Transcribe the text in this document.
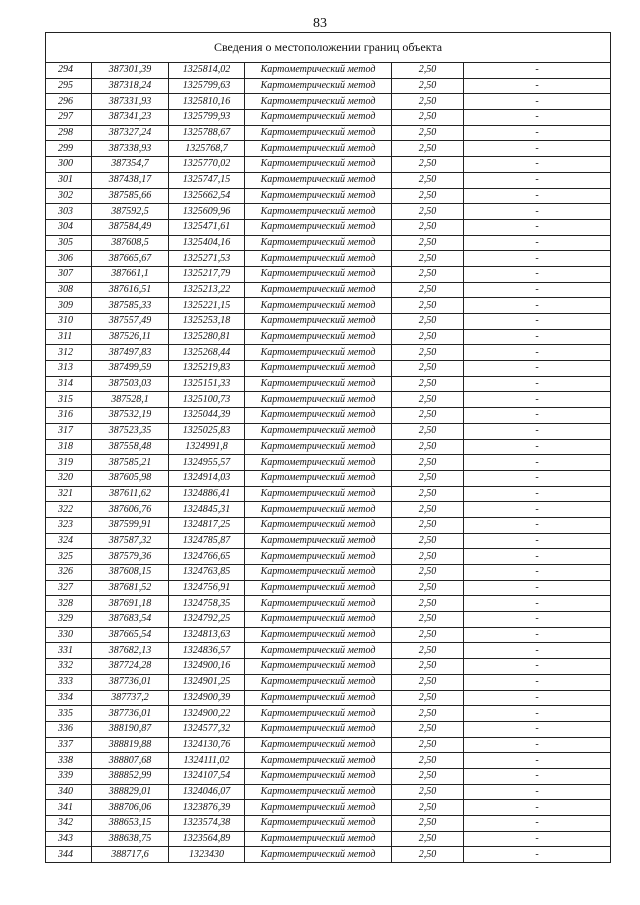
83
Сведения о местоположении границ объекта					
294	387301,39	1325814,02	Картометрический метод	2,50	-
295	387318,24	1325799,63	Картометрический метод	2,50	-
296	387331,93	1325810,16	Картометрический метод	2,50	-
297	387341,23	1325799,93	Картометрический метод	2,50	-
298	387327,24	1325788,67	Картометрический метод	2,50	-
299	387338,93	1325768,7	Картометрический метод	2,50	-
300	387354,7	1325770,02	Картометрический метод	2,50	-
301	387438,17	1325747,15	Картометрический метод	2,50	-
302	387585,66	1325662,54	Картометрический метод	2,50	-
303	387592,5	1325609,96	Картометрический метод	2,50	-
304	387584,49	1325471,61	Картометрический метод	2,50	-
305	387608,5	1325404,16	Картометрический метод	2,50	-
306	387665,67	1325271,53	Картометрический метод	2,50	-
307	387661,1	1325217,79	Картометрический метод	2,50	-
308	387616,51	1325213,22	Картометрический метод	2,50	-
309	387585,33	1325221,15	Картометрический метод	2,50	-
310	387557,49	1325253,18	Картометрический метод	2,50	-
311	387526,11	1325280,81	Картометрический метод	2,50	-
312	387497,83	1325268,44	Картометрический метод	2,50	-
313	387499,59	1325219,83	Картометрический метод	2,50	-
314	387503,03	1325151,33	Картометрический метод	2,50	-
315	387528,1	1325100,73	Картометрический метод	2,50	-
316	387532,19	1325044,39	Картометрический метод	2,50	-
317	387523,35	1325025,83	Картометрический метод	2,50	-
318	387558,48	1324991,8	Картометрический метод	2,50	-
319	387585,21	1324955,57	Картометрический метод	2,50	-
320	387605,98	1324914,03	Картометрический метод	2,50	-
321	387611,62	1324886,41	Картометрический метод	2,50	-
322	387606,76	1324845,31	Картометрический метод	2,50	-
323	387599,91	1324817,25	Картометрический метод	2,50	-
324	387587,32	1324785,87	Картометрический метод	2,50	-
325	387579,36	1324766,65	Картометрический метод	2,50	-
326	387608,15	1324763,85	Картометрический метод	2,50	-
327	387681,52	1324756,91	Картометрический метод	2,50	-
328	387691,18	1324758,35	Картометрический метод	2,50	-
329	387683,54	1324792,25	Картометрический метод	2,50	-
330	387665,54	1324813,63	Картометрический метод	2,50	-
331	387682,13	1324836,57	Картометрический метод	2,50	-
332	387724,28	1324900,16	Картометрический метод	2,50	-
333	387736,01	1324901,25	Картометрический метод	2,50	-
334	387737,2	1324900,39	Картометрический метод	2,50	-
335	387736,01	1324900,22	Картометрический метод	2,50	-
336	388190,87	1324577,32	Картометрический метод	2,50	-
337	388819,88	1324130,76	Картометрический метод	2,50	-
338	388807,68	1324111,02	Картометрический метод	2,50	-
339	388852,99	1324107,54	Картометрический метод	2,50	-
340	388829,01	1324046,07	Картометрический метод	2,50	-
341	388706,06	1323876,39	Картометрический метод	2,50	-
342	388653,15	1323574,38	Картометрический метод	2,50	-
343	388638,75	1323564,89	Картометрический метод	2,50	-
344	388717,6	1323430	Картометрический метод	2,50	-
